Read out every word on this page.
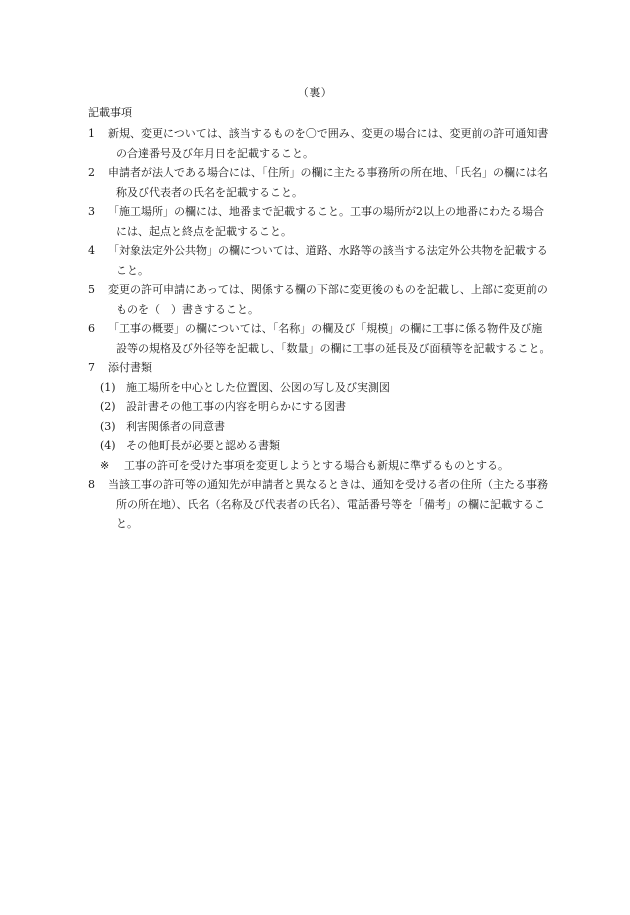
（裏）
記載事項
1 新規、変更については、該当するものを〇で囲み、変更の場合には、変更前の許可通知書の合達番号及び年月日を記載すること。
2 申請者が法人である場合には、「住所」の欄に主たる事務所の所在地、「氏名」の欄には名称及び代表者の氏名を記載すること。
3 「施工場所」の欄には、地番まで記載すること。工事の場所が2以上の地番にわたる場合には、起点と終点を記載すること。
4 「対象法定外公共物」の欄については、道路、水路等の該当する法定外公共物を記載すること。
5 変更の許可申請にあっては、関係する欄の下部に変更後のものを記載し、上部に変更前のものを（　）書きすること。
6 「工事の概要」の欄については、「名称」の欄及び「規模」の欄に工事に係る物件及び施設等の規格及び外径等を記載し、「数量」の欄に工事の延長及び面積等を記載すること。
7 添付書類
(1) 施工場所を中心とした位置図、公図の写し及び実測図
(2) 設計書その他工事の内容を明らかにする図書
(3) 利害関係者の同意書
(4) その他町長が必要と認める書類
※ 工事の許可を受けた事項を変更しようとする場合も新規に準ずるものとする。
8 当該工事の許可等の通知先が申請者と異なるときは、通知を受ける者の住所（主たる事務所の所在地）、氏名（名称及び代表者の氏名）、電話番号等を「備考」の欄に記載すること。
